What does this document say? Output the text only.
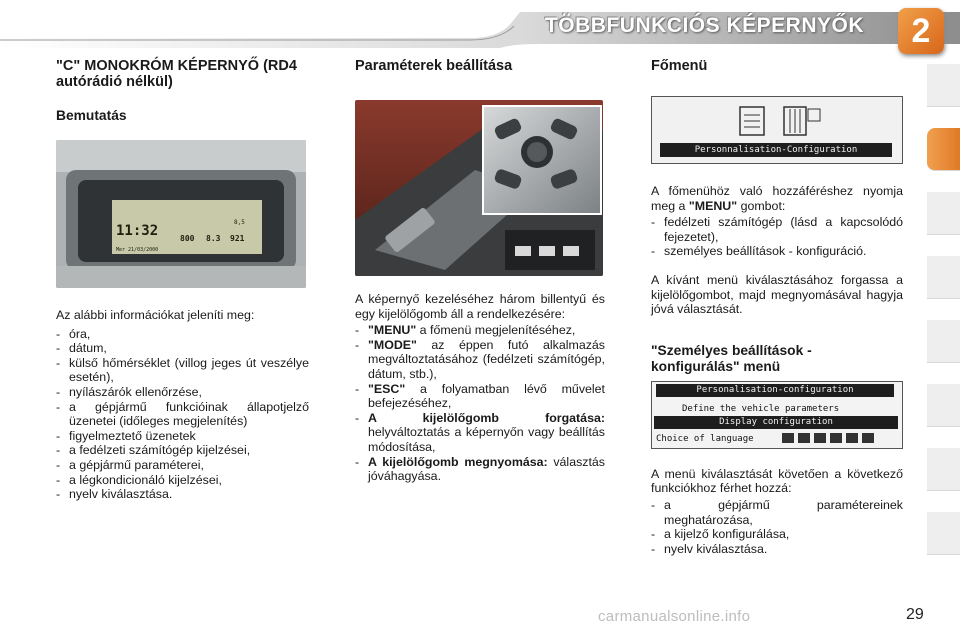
TÖBBFUNKCIÓS KÉPERNYŐK	2
"C" MONOKRÓM KÉPERNYŐ (RD4 autórádió nélkül)
Bemutatás
11:32
Mer 21/03/2000
8,5
800 8.3 921
Az alábbi információkat jeleníti meg:
- óra,
- dátum,
- külső hőmérséklet (villog jeges út veszélye esetén),
- nyílászárók ellenőrzése,
- a gépjármű funkcióinak állapotjelző üzenetei (időleges megjelenítés)
- figyelmeztető üzenetek
- a fedélzeti számítógép kijelzései,
- a gépjármű paraméterei,
- a légkondicionáló kijelzései,
- nyelv kiválasztása.
Paraméterek beállítása
A képernyő kezeléséhez három billentyű és egy kijelölőgomb áll a rendelkezésére:
- "MENU" a főmenü megjelenítéséhez,
- "MODE" az éppen futó alkalmazás megváltoztatásához (fedélzeti számítógép, dátum, stb.),
- "ESC" a folyamatban lévő művelet befejezéséhez,
- A kijelölőgomb forgatása: helyváltoztatás a képernyőn vagy beállítás módosítása,
- A kijelölőgomb megnyomása: választás jóváhagyása.
Főmenü
Personnalisation-Configuration
A főmenühöz való hozzáféréshez nyomja meg a "MENU" gombot:
- fedélzeti számítógép (lásd a kapcsolódó fejezetet),
- személyes beállítások - konfiguráció.
A kívánt menü kiválasztásához forgassa a kijelölőgombot, majd megnyomásával hagyja jóvá választását.
"Személyes beállítások - konfigurálás" menü
Personalisation-configuration
Define the vehicle parameters
Display configuration
Choice of language
A menü kiválasztását követően a következő funkciókhoz férhet hozzá:
- a gépjármű paramétereinek meghatározása,
- a kijelző konfigurálása,
- nyelv kiválasztása.
carmanualsonline.info	29
